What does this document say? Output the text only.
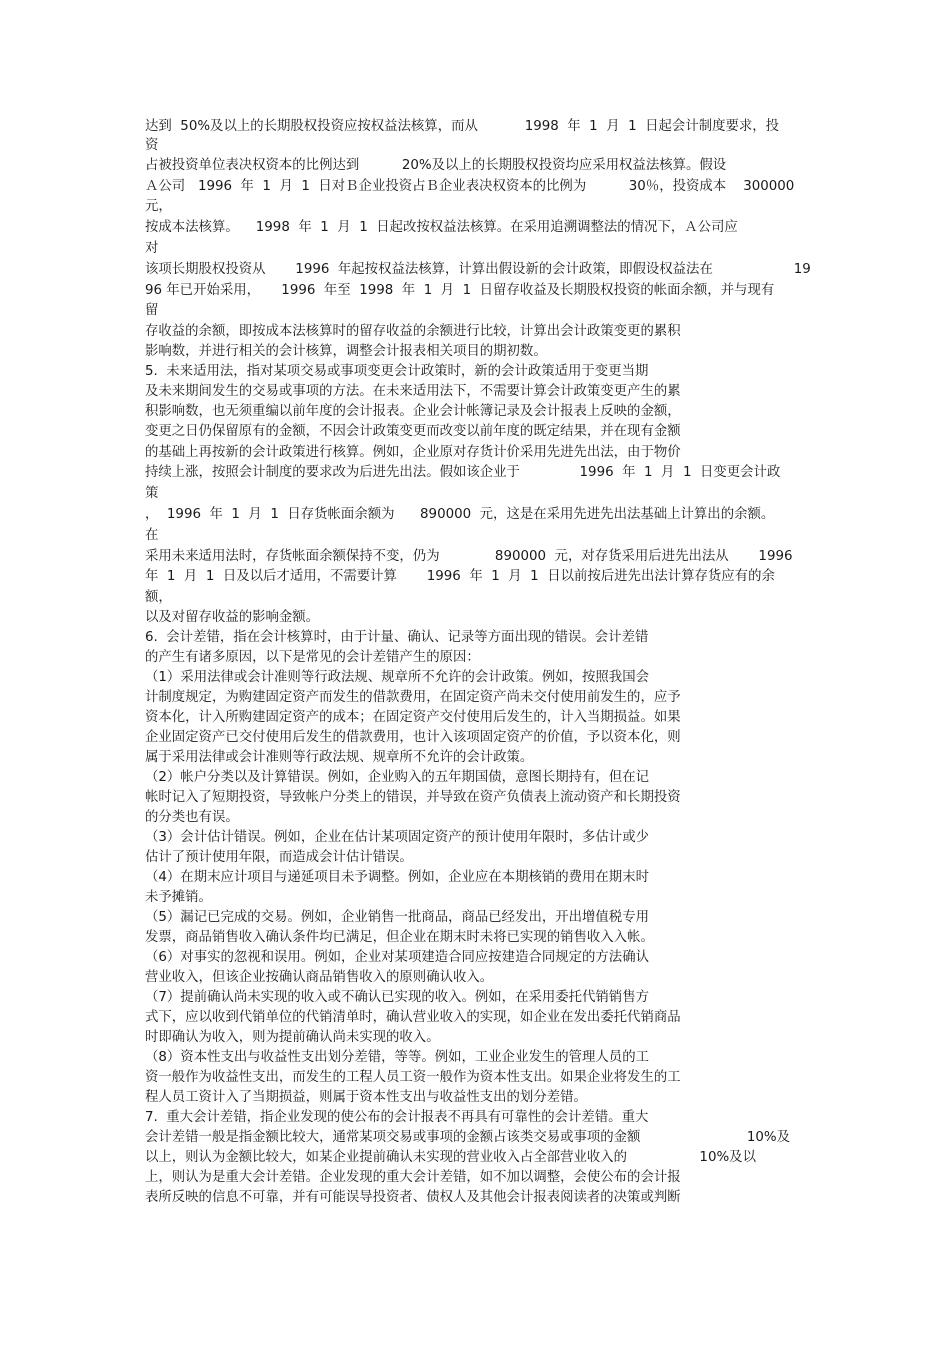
达到  50%及以上的长期股权投资应按权益法核算，而从           1998  年  1  月  1  日起会计制度要求，投

资

占被投资单位表决权资本的比例达到          20%及以上的长期股权投资均应采用权益法核算。假设

Ａ公司   1996  年  1  月  1  日对Ｂ企业投资占Ｂ企业表决权资本的比例为          30％，投资成本    300000

元，

按成本法核算。    1998  年  1  月  1  日起改按权益法核算。在采用追溯调整法的情况下，Ａ公司应

对

该项长期股权投资从       1996  年起按权益法核算，计算出假设新的会计政策，即假设权益法在                   19

96 年已开始采用，     1996  年至  1998  年  1  月  1  日留存收益及长期股权投资的帐面余额，并与现有

留

存收益的余额，即按成本法核算时的留存收益的余额进行比较，计算出会计政策变更的累积

影响数，并进行相关的会计核算，调整会计报表相关项目的期初数。

5.  未来适用法，指对某项交易或事项变更会计政策时，新的会计政策适用于变更当期

及未来期间发生的交易或事项的方法。在未来适用法下，不需要计算会计政策变更产生的累

积影响数，也无须重编以前年度的会计报表。企业会计帐簿记录及会计报表上反映的金额，

变更之日仍保留原有的金额，不因会计政策变更而改变以前年度的既定结果，并在现有金额

的基础上再按新的会计政策进行核算。例如，企业原对存货计价采用先进先出法，由于物价

持续上涨，按照会计制度的要求改为后进先出法。假如该企业于              1996  年  1  月  1  日变更会计政

策

，  1996  年  1  月  1  日存货帐面余额为      890000  元，这是在采用先进先出法基础上计算出的余额。

在

采用未来适用法时，存货帐面余额保持不变，仍为             890000  元，对存货采用后进先出法从       1996

年  1  月  1  日及以后才适用，不需要计算       1996  年  1  月  1  日以前按后进先出法计算存货应有的余

额，

以及对留存收益的影响金额。

6.  会计差错，指在会计核算时，由于计量、确认、记录等方面出现的错误。会计差错

的产生有诸多原因，以下是常见的会计差错产生的原因：

（1）采用法律或会计准则等行政法规、规章所不允许的会计政策。例如，按照我国会

计制度规定，为购建固定资产而发生的借款费用，在固定资产尚未交付使用前发生的，应予

资本化，计入所购建固定资产的成本；在固定资产交付使用后发生的，计入当期损益。如果

企业固定资产已交付使用后发生的借款费用，也计入该项固定资产的价值，予以资本化，则

属于采用法律或会计准则等行政法规、规章所不允许的会计政策。

（2）帐户分类以及计算错误。例如，企业购入的五年期国债，意图长期持有，但在记

帐时记入了短期投资，导致帐户分类上的错误，并导致在资产负债表上流动资产和长期投资

的分类也有误。

（3）会计估计错误。例如，企业在估计某项固定资产的预计使用年限时，多估计或少

估计了预计使用年限，而造成会计估计错误。

（4）在期末应计项目与递延项目未予调整。例如，企业应在本期核销的费用在期末时

未予摊销。

（5）漏记已完成的交易。例如，企业销售一批商品，商品已经发出，开出增值税专用

发票，商品销售收入确认条件均已满足，但企业在期末时未将已实现的销售收入入帐。

（6）对事实的忽视和误用。例如，企业对某项建造合同应按建造合同规定的方法确认

营业收入，但该企业按确认商品销售收入的原则确认收入。

（7）提前确认尚未实现的收入或不确认已实现的收入。例如，在采用委托代销销售方

式下，应以收到代销单位的代销清单时，确认营业收入的实现，如企业在发出委托代销商品

时即确认为收入，则为提前确认尚未实现的收入。

（8）资本性支出与收益性支出划分差错，等等。例如，工业企业发生的管理人员的工

资一般作为收益性支出，而发生的工程人员工资一般作为资本性支出。如果企业将发生的工

程人员工资计入了当期损益，则属于资本性支出与收益性支出的划分差错。

7.  重大会计差错，指企业发现的使公布的会计报表不再具有可靠性的会计差错。重大

会计差错一般是指金额比较大，通常某项交易或事项的金额占该类交易或事项的金额                         10%及

以上，则认为金额比较大，如某企业提前确认未实现的营业收入占全部营业收入的                 10%及以

上，则认为是重大会计差错。企业发现的重大会计差错，如不加以调整，会使公布的会计报

表所反映的信息不可靠，并有可能误导投资者、债权人及其他会计报表阅读者的决策或判断
